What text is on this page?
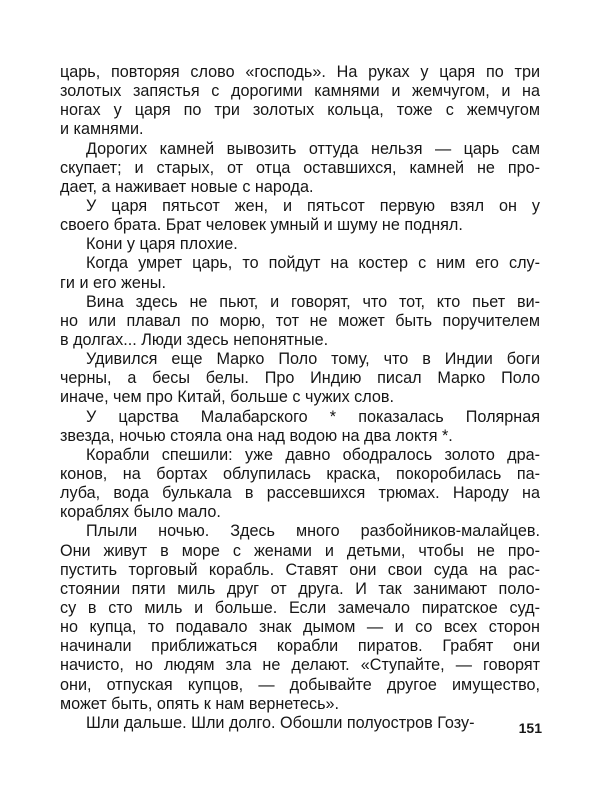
царь, повторяя слово «господь». На руках у царя по три
золотых запястья с дорогими камнями и жемчугом, и на
ногах у царя по три золотых кольца, тоже с жемчугом
и камнями.
Дорогих камней вывозить оттуда нельзя — царь сам
скупает; и старых, от отца оставшихся, камней не про-
дает, а наживает новые с народа.
У царя пятьсот жен, и пятьсот первую взял он у
своего брата. Брат человек умный и шуму не поднял.
Кони у царя плохие.
Когда умрет царь, то пойдут на костер с ним его слу-
ги и его жены.
Вина здесь не пьют, и говорят, что тот, кто пьет ви-
но или плавал по морю, тот не может быть поручителем
в долгах... Люди здесь непонятные.
Удивился еще Марко Поло тому, что в Индии боги
черны, а бесы белы. Про Индию писал Марко Поло
иначе, чем про Китай, больше с чужих слов.
У царства Малабарского * показалась Полярная
звезда, ночью стояла она над водою на два локтя *.
Корабли спешили: уже давно ободралось золото дра-
конов, на бортах облупилась краска, покоробилась па-
луба, вода булькала в рассевшихся трюмах. Народу на
кораблях было мало.
Плыли ночью. Здесь много разбойников-малайцев.
Они живут в море с женами и детьми, чтобы не про-
пустить торговый корабль. Ставят они свои суда на рас-
стоянии пяти миль друг от друга. И так занимают поло-
су в сто миль и больше. Если замечало пиратское суд-
но купца, то подавало знак дымом — и со всех сторон
начинали приближаться корабли пиратов. Грабят они
начисто, но людям зла не делают. «Ступайте, — говорят
они, отпуская купцов, — добывайте другое имущество,
может быть, опять к нам вернетесь».
Шли дальше. Шли долго. Обошли полуостров Гозу-	151
